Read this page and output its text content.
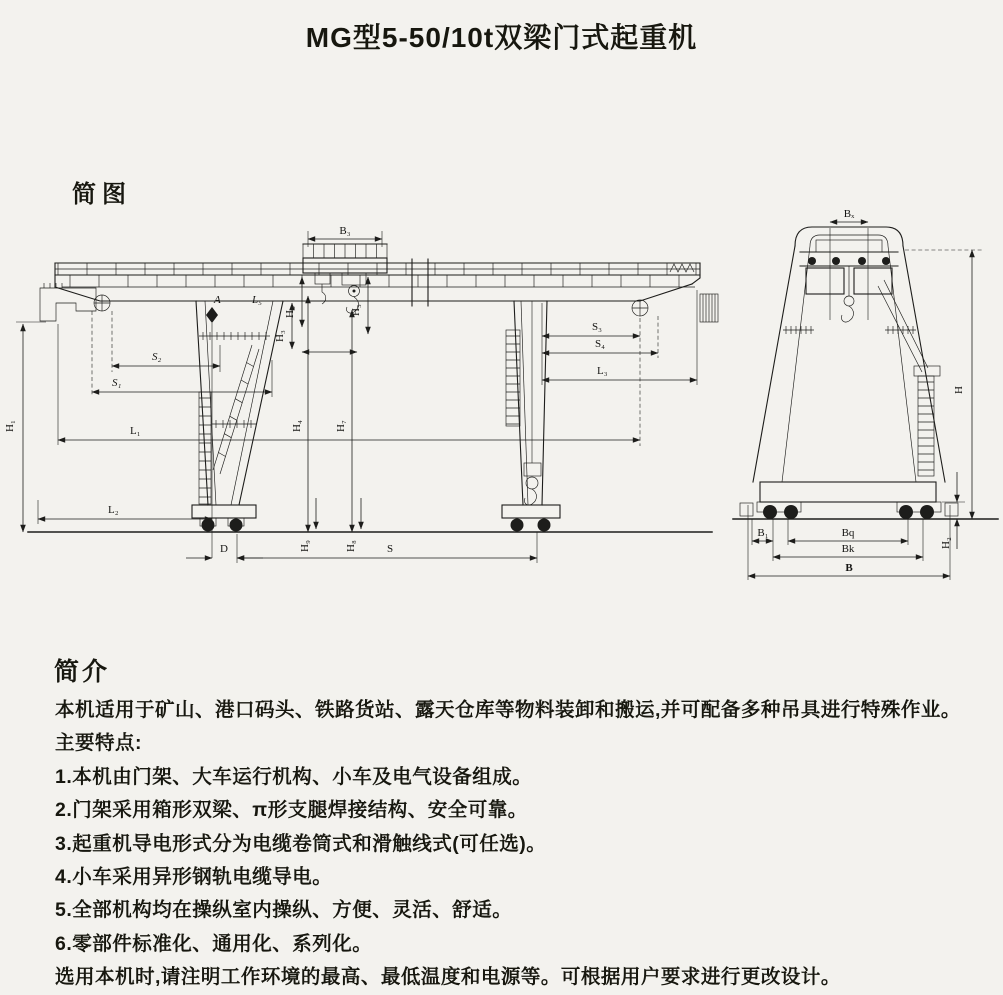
MG型5-50/10t双梁门式起重机
简图
B₃
A	L₅
H₆	H₅
H₃
S₂
S₁
L₁
L₂
H₁	H₄	H₇
H₉	H₈
D	S
S₃
S₄
L₃
Bₓ
H
H₂
B₁	Bq
Bk
B
简介
本机适用于矿山、港口码头、铁路货站、露天仓库等物料装卸和搬运,并可配备多种吊具进行特殊作业。
主要特点:
1.本机由门架、大车运行机构、小车及电气设备组成。
2.门架采用箱形双梁、π形支腿焊接结构、安全可靠。
3.起重机导电形式分为电缆卷筒式和滑触线式(可任选)。
4.小车采用异形钢轨电缆导电。
5.全部机构均在操纵室内操纵、方便、灵活、舒适。
6.零部件标准化、通用化、系列化。
选用本机时,请注明工作环境的最高、最低温度和电源等。可根据用户要求进行更改设计。
